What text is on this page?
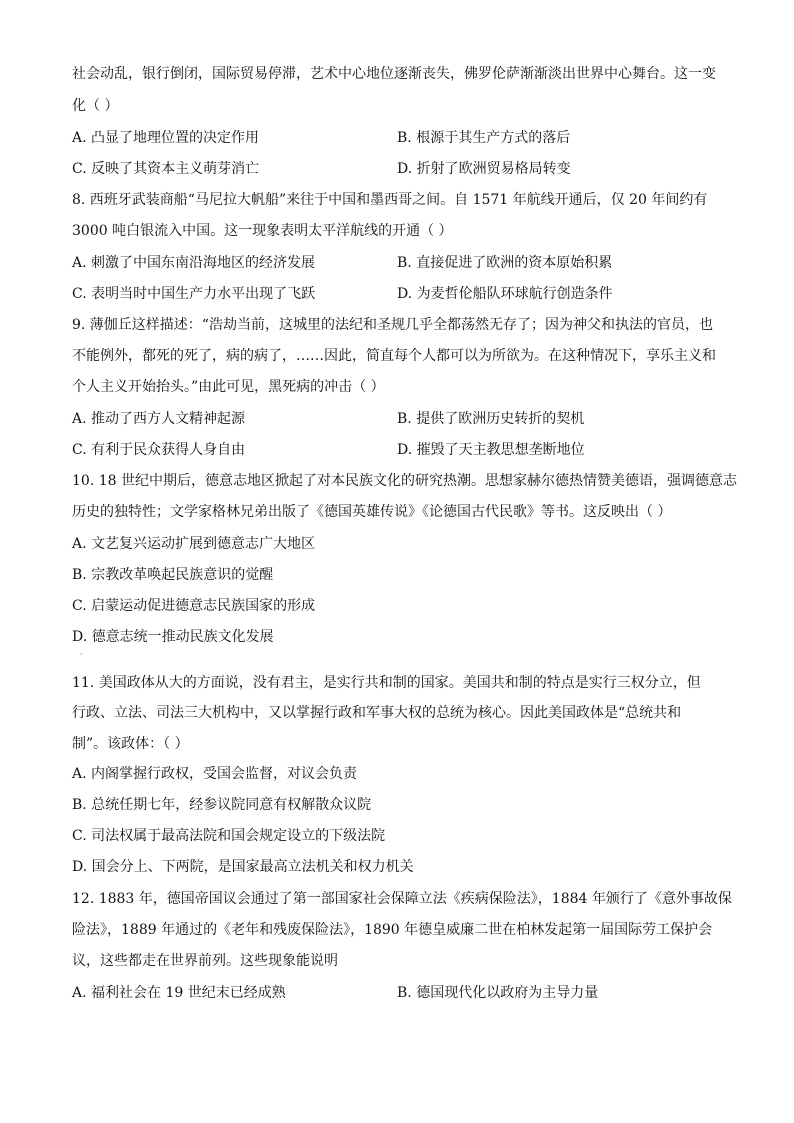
社会动乱，银行倒闭，国际贸易停滞，艺术中心地位逐渐丧失，佛罗伦萨渐渐淡出世界中心舞台。这一变
化（ ）
A. 凸显了地理位置的决定作用	B. 根源于其生产方式的落后
C. 反映了其资本主义萌芽消亡	D. 折射了欧洲贸易格局转变
8. 西班牙武装商船“马尼拉大帆船”来往于中国和墨西哥之间。自 1571 年航线开通后，仅 20 年间约有
3000 吨白银流入中国。这一现象表明太平洋航线的开通（ ）
A. 刺激了中国东南沿海地区的经济发展	B. 直接促进了欧洲的资本原始积累
C. 表明当时中国生产力水平出现了飞跃	D. 为麦哲伦船队环球航行创造条件
9. 薄伽丘这样描述：“浩劫当前，这城里的法纪和圣规几乎全都荡然无存了；因为神父和执法的官员，也
不能例外，都死的死了，病的病了，……因此，简直每个人都可以为所欲为。在这种情况下，享乐主义和
个人主义开始抬头。”由此可见，黑死病的冲击（ ）
A. 推动了西方人文精神起源	B. 提供了欧洲历史转折的契机
C. 有利于民众获得人身自由	D. 摧毁了天主教思想垄断地位
10. 18 世纪中期后，德意志地区掀起了对本民族文化的研究热潮。思想家赫尔德热情赞美德语，强调德意志
历史的独特性；文学家格林兄弟出版了《德国英雄传说》《论德国古代民歌》等书。这反映出（ ）
A. 文艺复兴运动扩展到德意志广大地区
B. 宗教改革唤起民族意识的觉醒
C. 启蒙运动促进德意志民族国家的形成
D. 德意志统一推动民族文化发展
·
11. 美国政体从大的方面说，没有君主，是实行共和制的国家。美国共和制的特点是实行三权分立，但
行政、立法、司法三大机构中，又以掌握行政和军事大权的总统为核心。因此美国政体是“总统共和
制”。该政体：（ ）
A. 内阁掌握行政权，受国会监督，对议会负责
B. 总统任期七年，经参议院同意有权解散众议院
C. 司法权属于最高法院和国会规定设立的下级法院
D. 国会分上、下两院，是国家最高立法机关和权力机关
12. 1883 年，德国帝国议会通过了第一部国家社会保障立法《疾病保险法》，1884 年颁行了《意外事故保
险法》，1889 年通过的《老年和残废保险法》，1890 年德皇威廉二世在柏林发起第一届国际劳工保护会
议，这些都走在世界前列。这些现象能说明
A. 福利社会在 19 世纪末已经成熟	B. 德国现代化以政府为主导力量
